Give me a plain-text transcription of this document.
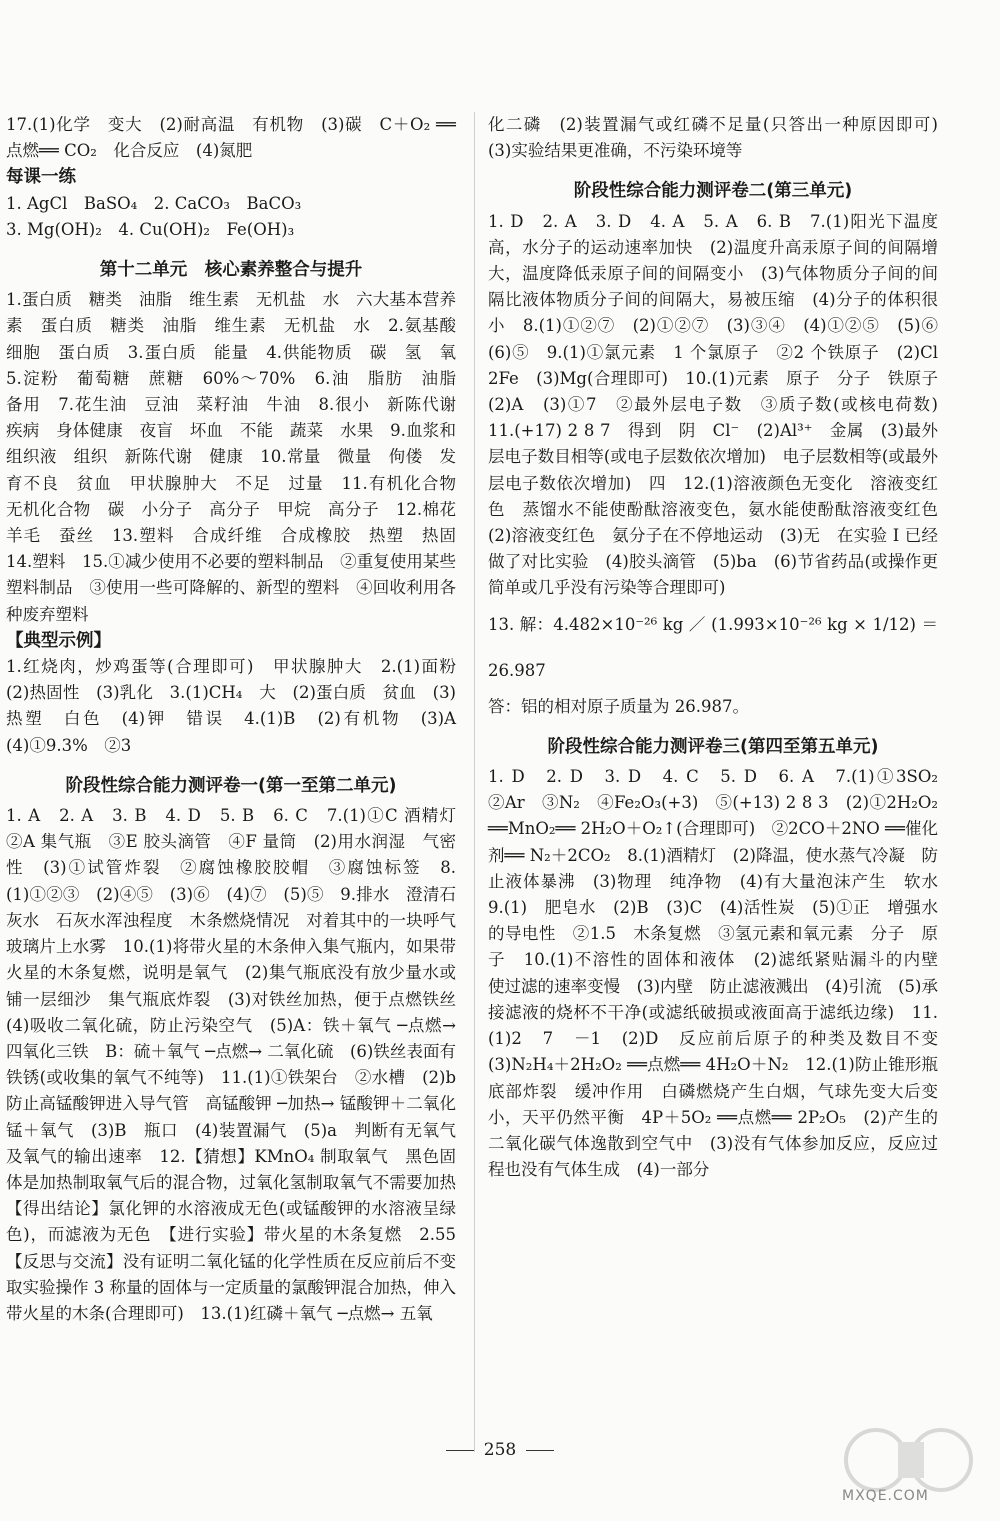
17.(1)化学　变大　(2)耐高温　有机物　(3)碳　C＋O₂ ══点燃══ CO₂　化合反应　(4)氮肥

每课一练

1. AgCl　BaSO₄　2. CaCO₃　BaCO₃

3. Mg(OH)₂　4. Cu(OH)₂　Fe(OH)₃

第十二单元　核心素养整合与提升

1.蛋白质　糖类　油脂　维生素　无机盐　水　六大基本营养素　蛋白质　糖类　油脂　维生素　无机盐　水　2.氨基酸　细胞　蛋白质　3.蛋白质　能量　4.供能物质　碳　氢　氧　5.淀粉　葡萄糖　蔗糖　60%～70%　6.油　脂肪　油脂　备用　7.花生油　豆油　菜籽油　牛油　8.很小　新陈代谢　疾病　身体健康　夜盲　坏血　不能　蔬菜　水果　9.血浆和组织液　组织　新陈代谢　健康　10.常量　微量　佝偻　发育不良　贫血　甲状腺肿大　不足　过量　11.有机化合物　无机化合物　碳　小分子　高分子　甲烷　高分子　12.棉花　羊毛　蚕丝　13.塑料　合成纤维　合成橡胶　热塑　热固　14.塑料　15.①减少使用不必要的塑料制品　②重复使用某些塑料制品　③使用一些可降解的、新型的塑料　④回收利用各种废弃塑料

【典型示例】

1.红烧肉，炒鸡蛋等(合理即可)　甲状腺肿大　2.(1)面粉　(2)热固性　(3)乳化　3.(1)CH₄　大　(2)蛋白质　贫血　(3)热塑　白色　(4)钾　错误　4.(1)B　(2)有机物　(3)A　(4)①9.3%　②3

阶段性综合能力测评卷一(第一至第二单元)

1. A　2. A　3. B　4. D　5. B　6. C　7.(1)①C 酒精灯　②A 集气瓶　③E 胶头滴管　④F 量筒　(2)用水润湿　气密性　(3)①试管炸裂　②腐蚀橡胶胶帽　③腐蚀标签　8.(1)①②③　(2)④⑤　(3)⑥　(4)⑦　(5)⑤　9.排水　澄清石灰水　石灰水浑浊程度　木条燃烧情况　对着其中的一块呼气　玻璃片上水雾　10.(1)将带火星的木条伸入集气瓶内，如果带火星的木条复燃，说明是氧气　(2)集气瓶底没有放少量水或铺一层细沙　集气瓶底炸裂　(3)对铁丝加热，便于点燃铁丝　(4)吸收二氧化硫，防止污染空气　(5)A：铁＋氧气 ─点燃→ 四氧化三铁　B：硫＋氧气 ─点燃→ 二氧化硫　(6)铁丝表面有铁锈(或收集的氧气不纯等)　11.(1)①铁架台　②水槽　(2)b　防止高锰酸钾进入导气管　高锰酸钾 ─加热→ 锰酸钾＋二氧化锰＋氧气　(3)B　瓶口　(4)装置漏气　(5)a　判断有无氧气及氧气的输出速率　12.【猜想】KMnO₄ 制取氧气　黑色固体是加热制取氧气后的混合物，过氧化氢制取氧气不需要加热　【得出结论】氯化钾的水溶液成无色(或锰酸钾的水溶液呈绿色)，而滤液为无色　【进行实验】带火星的木条复燃　2.55　【反思与交流】没有证明二氧化锰的化学性质在反应前后不变　取实验操作 3 称量的固体与一定质量的氯酸钾混合加热，伸入带火星的木条(合理即可)　13.(1)红磷＋氧气 ─点燃→ 五氧

化二磷　(2)装置漏气或红磷不足量(只答出一种原因即可)　(3)实验结果更准确，不污染环境等

阶段性综合能力测评卷二(第三单元)

1. D　2. A　3. D　4. A　5. A　6. B　7.(1)阳光下温度高，水分子的运动速率加快　(2)温度升高汞原子间的间隔增大，温度降低汞原子间的间隔变小　(3)气体物质分子间的间隔比液体物质分子间的间隔大，易被压缩　(4)分子的体积很小　8.(1)①②⑦　(2)①②⑦　(3)③④　(4)①②⑤　(5)⑥　(6)⑤　9.(1)①氯元素　1 个氯原子　②2 个铁原子　(2)Cl　2Fe　(3)Mg(合理即可)　10.(1)元素　原子　分子　铁原子　(2)A　(3)①7　②最外层电子数　③质子数(或核电荷数)　11.(+17) 2 8 7　得到　阴　Cl⁻　(2)Al³⁺　金属　(3)最外层电子数目相等(或电子层数依次增加)　电子层数相等(或最外层电子数依次增加)　四　12.(1)溶液颜色无变化　溶液变红色　蒸馏水不能使酚酞溶液变色，氨水能使酚酞溶液变红色　(2)溶液变红色　氨分子在不停地运动　(3)无　在实验 I 已经做了对比实验　(4)胶头滴管　(5)ba　(6)节省药品(或操作更简单或几乎没有污染等合理即可)

13. 解：4.482×10⁻²⁶ kg ／ (1.993×10⁻²⁶ kg × 1/12) ＝ 26.987

答：铝的相对原子质量为 26.987。

阶段性综合能力测评卷三(第四至第五单元)

1. D　2. D　3. D　4. C　5. D　6. A　7.(1)①3SO₂　②Ar　③N₂　④Fe₂O₃(+3)　⑤(+13) 2 8 3　(2)①2H₂O₂ ══MnO₂══ 2H₂O＋O₂↑(合理即可)　②2CO＋2NO ══催化剂══ N₂＋2CO₂　8.(1)酒精灯　(2)降温，使水蒸气冷凝　防止液体暴沸　(3)物理　纯净物　(4)有大量泡沫产生　软水　9.(1)　肥皂水　(2)B　(3)C　(4)活性炭　(5)①正　增强水的导电性　②1.5　木条复燃　③氢元素和氧元素　分子　原子　10.(1)不溶性的固体和液体　(2)滤纸紧贴漏斗的内壁　使过滤的速率变慢　(3)内壁　防止滤液溅出　(4)引流　(5)承接滤液的烧杯不干净(或滤纸破损或液面高于滤纸边缘)　11.(1)2　7　－1　(2)D　反应前后原子的种类及数目不变　(3)N₂H₄＋2H₂O₂ ══点燃══ 4H₂O＋N₂　12.(1)防止锥形瓶底部炸裂　缓冲作用　白磷燃烧产生白烟，气球先变大后变小，天平仍然平衡　4P＋5O₂ ══点燃══ 2P₂O₅　(2)产生的二氧化碳气体逸散到空气中　(3)没有气体参加反应，反应过程也没有气体生成　(4)一部分

258
MXQE.COM
